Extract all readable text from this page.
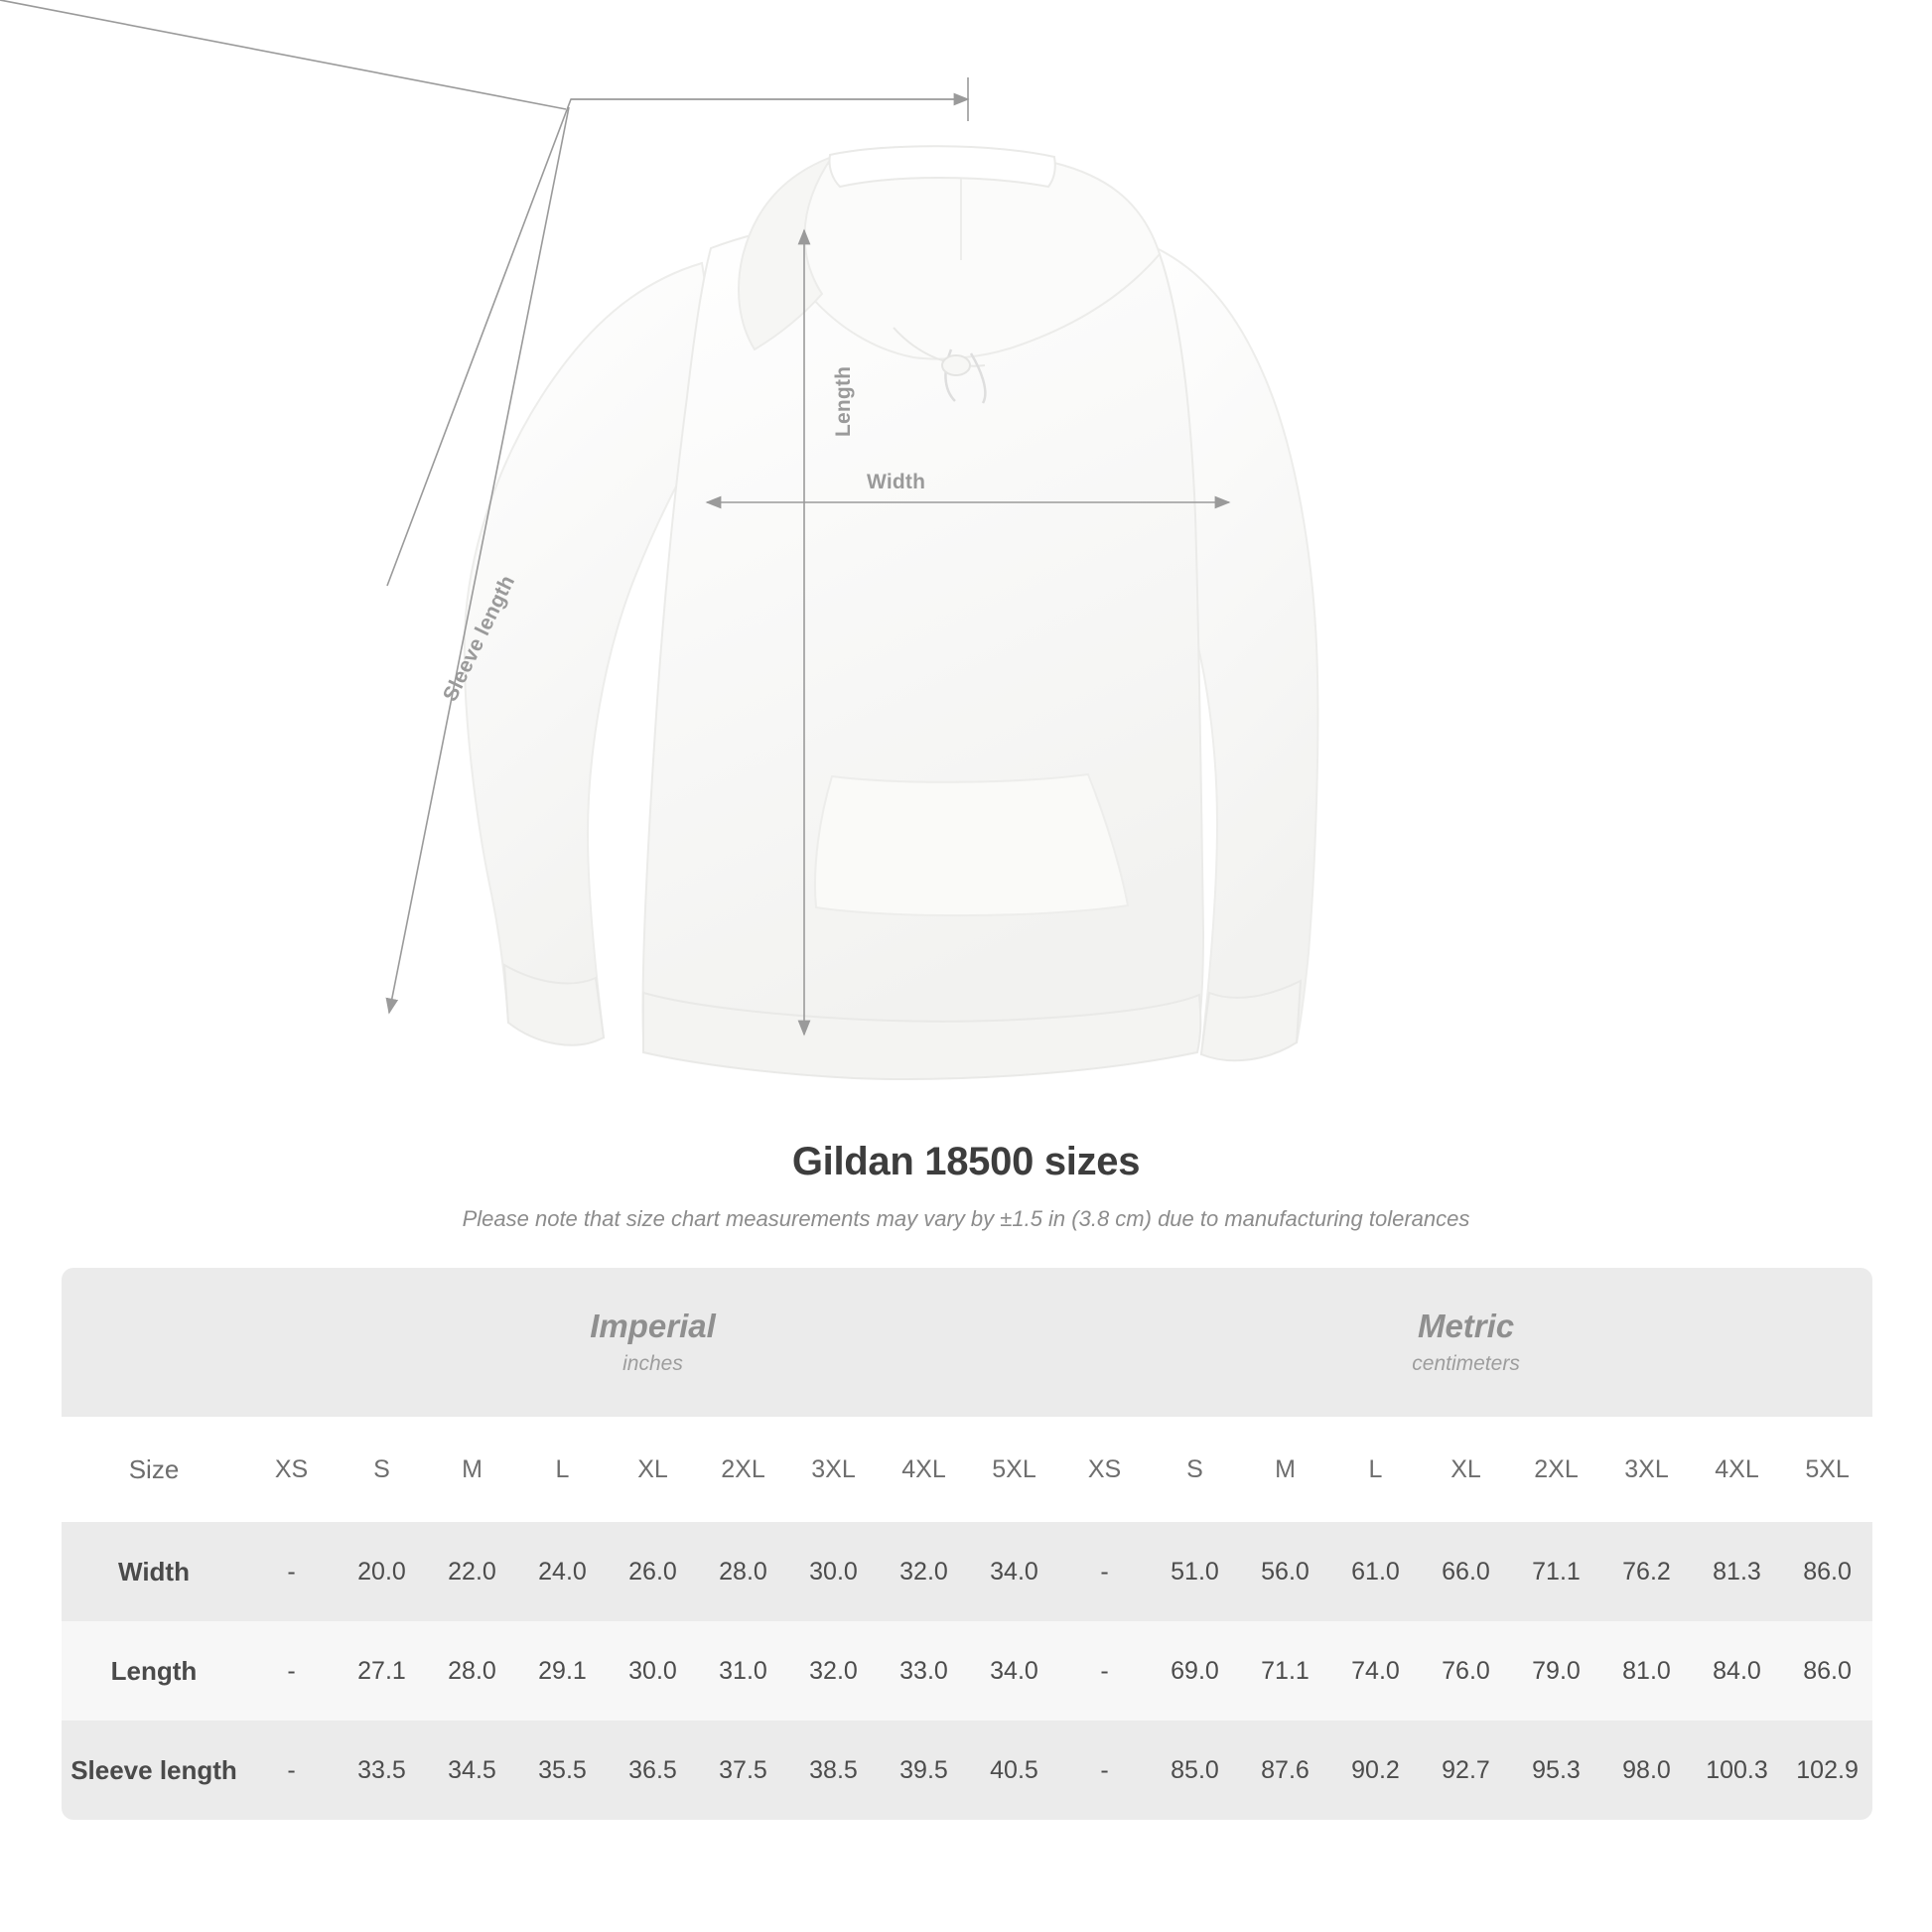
Length
Width
Sleeve length
Gildan 18500 sizes
Please note that size chart measurements may vary by ±1.5 in (3.8 cm) due to manufacturing tolerances

Imperial
inches

Metric
centimeters

Size	XS	S	M	L	XL	2XL	3XL	4XL	5XL	XS	S	M	L	XL	2XL	3XL	4XL	5XL
Width	-	20.0	22.0	24.0	26.0	28.0	30.0	32.0	34.0	-	51.0	56.0	61.0	66.0	71.1	76.2	81.3	86.0
Length	-	27.1	28.0	29.1	30.0	31.0	32.0	33.0	34.0	-	69.0	71.1	74.0	76.0	79.0	81.0	84.0	86.0
Sleeve length	-	33.5	34.5	35.5	36.5	37.5	38.5	39.5	40.5	-	85.0	87.6	90.2	92.7	95.3	98.0	100.3	102.9
